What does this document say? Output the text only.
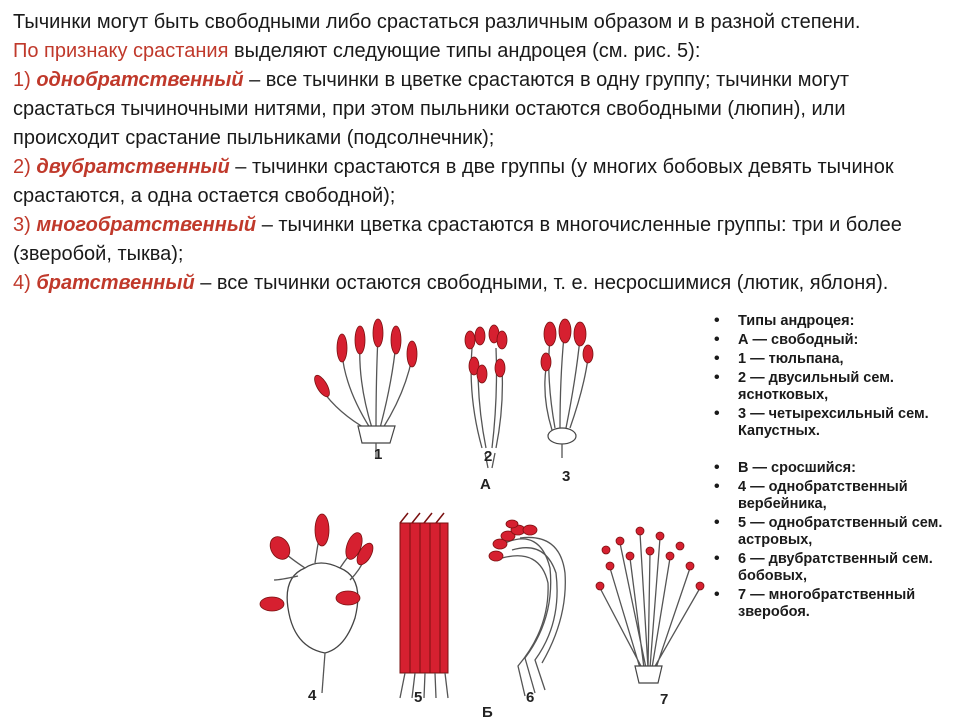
Тычинки могут быть свободными либо срастаться различным образом и в разной степени.

По признаку срастания выделяют следующие типы андроцея (см. рис. 5):

1) однобратственный – все тычинки в цветке срастаются в одну группу; тычинки могут срастаться тычиночными нитями, при этом пыльники остаются свободными (люпин), или происходит срастание пыльниками (подсолнечник);

2) двубратственный – тычинки срастаются в две группы (у многих бобовых девять тычинок срастаются, а одна остается свободной);

3) многобратственный – тычинки цветка срастаются в многочисленные группы: три и более (зверобой, тыква);

4) братственный – все тычинки остаются свободными, т. е. несросшимися (лютик, яблоня).

1	2
3
А
4	5	6	7
Б
• Типы андроцея:
• А — свободный:
• 1 — тюльпана,
• 2 — двусильный сем. яснотковых,
• 3 — четырехсильный сем. Капустных.
• В — сросшийся:
• 4 — однобратственный вербейника,
• 5 — однобратственный сем. астровых,
• 6 — двубратственный сем. бобовых,
• 7 — многобратственный зверобоя.
